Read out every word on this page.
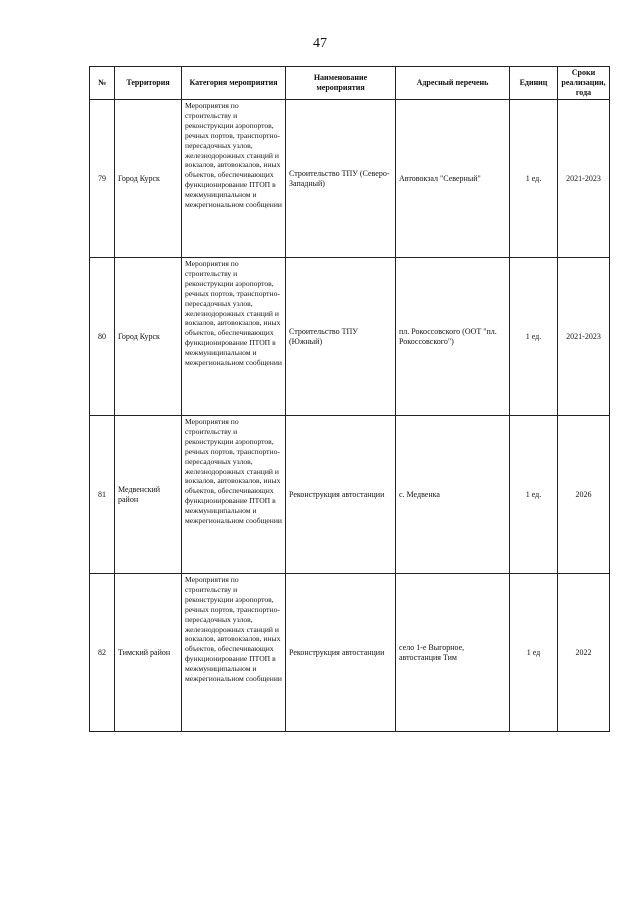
47
№	Территория	Категория мероприятия	Наименование мероприятия	Адресный перечень	Единиц	Сроки реализации, года
79	Город Курск	Мероприятия по строительству и реконструкции аэропортов, речных портов, транспортно-пересадочных узлов, железнодорожных станций и вокзалов, автовокзалов, иных объектов, обеспечивающих функционирование ПТОП в межмуниципальном и межрегиональном сообщении	Строительство ТПУ (Северо-Западный)	Автовокзал "Северный"	1 ед.	2021-2023
80	Город Курск	Мероприятия по строительству и реконструкции аэропортов, речных портов, транспортно-пересадочных узлов, железнодорожных станций и вокзалов, автовокзалов, иных объектов, обеспечивающих функционирование ПТОП в межмуниципальном и межрегиональном сообщении	Строительство ТПУ (Южный)	пл. Рокоссовского (ООТ "пл. Рокоссовского")	1 ед.	2021-2023
81	Медвенский район	Мероприятия по строительству и реконструкции аэропортов, речных портов, транспортно-пересадочных узлов, железнодорожных станций и вокзалов, автовокзалов, иных объектов, обеспечивающих функционирование ПТОП в межмуниципальном и межрегиональном сообщении	Реконструкция автостанции	с. Медвенка	1 ед.	2026
82	Тимский район	Мероприятия по строительству и реконструкции аэропортов, речных портов, транспортно-пересадочных узлов, железнодорожных станций и вокзалов, автовокзалов, иных объектов, обеспечивающих функционирование ПТОП в межмуниципальном и межрегиональном сообщении	Реконструкция автостанции	село 1-е Выгорное, автостанция Тим	1 ед	2022
